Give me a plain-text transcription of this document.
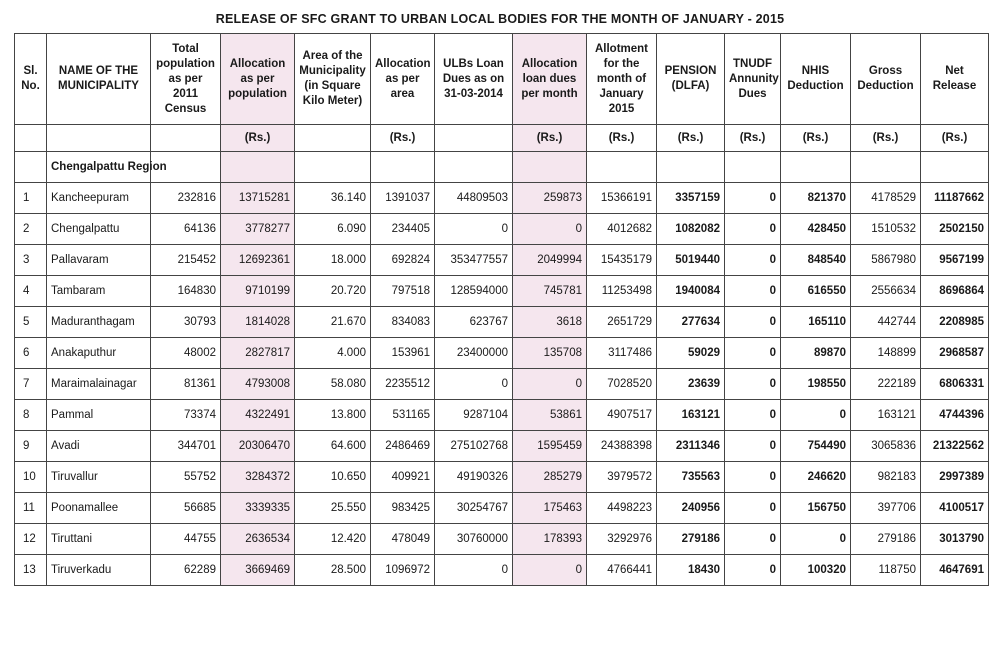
RELEASE OF SFC GRANT TO URBAN LOCAL BODIES FOR THE MONTH OF JANUARY - 2015
Sl. No.	NAME OF THE MUNICIPALITY	Total population as per 2011 Census	Allocation as per population	Area of the Municipality (in Square Kilo Meter)	Allocation as per area	ULBs Loan Dues as on 31-03-2014	Allocation loan dues per month	Allotment for the month of January 2015	PENSION (DLFA)	TNUDF Annunity Dues	NHIS Deduction	Gross Deduction	Net Release
			(Rs.)		(Rs.)		(Rs.)	(Rs.)	(Rs.)	(Rs.)	(Rs.)	(Rs.)	(Rs.)
	Chengalpattu Region												
1	Kancheepuram	232816	13715281	36.140	1391037	44809503	259873	15366191	3357159	0	821370	4178529	11187662
2	Chengalpattu	64136	3778277	6.090	234405	0	0	4012682	1082082	0	428450	1510532	2502150
3	Pallavaram	215452	12692361	18.000	692824	353477557	2049994	15435179	5019440	0	848540	5867980	9567199
4	Tambaram	164830	9710199	20.720	797518	128594000	745781	11253498	1940084	0	616550	2556634	8696864
5	Maduranthagam	30793	1814028	21.670	834083	623767	3618	2651729	277634	0	165110	442744	2208985
6	Anakaputhur	48002	2827817	4.000	153961	23400000	135708	3117486	59029	0	89870	148899	2968587
7	Maraimalainagar	81361	4793008	58.080	2235512	0	0	7028520	23639	0	198550	222189	6806331
8	Pammal	73374	4322491	13.800	531165	9287104	53861	4907517	163121	0	0	163121	4744396
9	Avadi	344701	20306470	64.600	2486469	275102768	1595459	24388398	2311346	0	754490	3065836	21322562
10	Tiruvallur	55752	3284372	10.650	409921	49190326	285279	3979572	735563	0	246620	982183	2997389
11	Poonamallee	56685	3339335	25.550	983425	30254767	175463	4498223	240956	0	156750	397706	4100517
12	Tiruttani	44755	2636534	12.420	478049	30760000	178393	3292976	279186	0	0	279186	3013790
13	Tiruverkadu	62289	3669469	28.500	1096972	0	0	4766441	18430	0	100320	118750	4647691
